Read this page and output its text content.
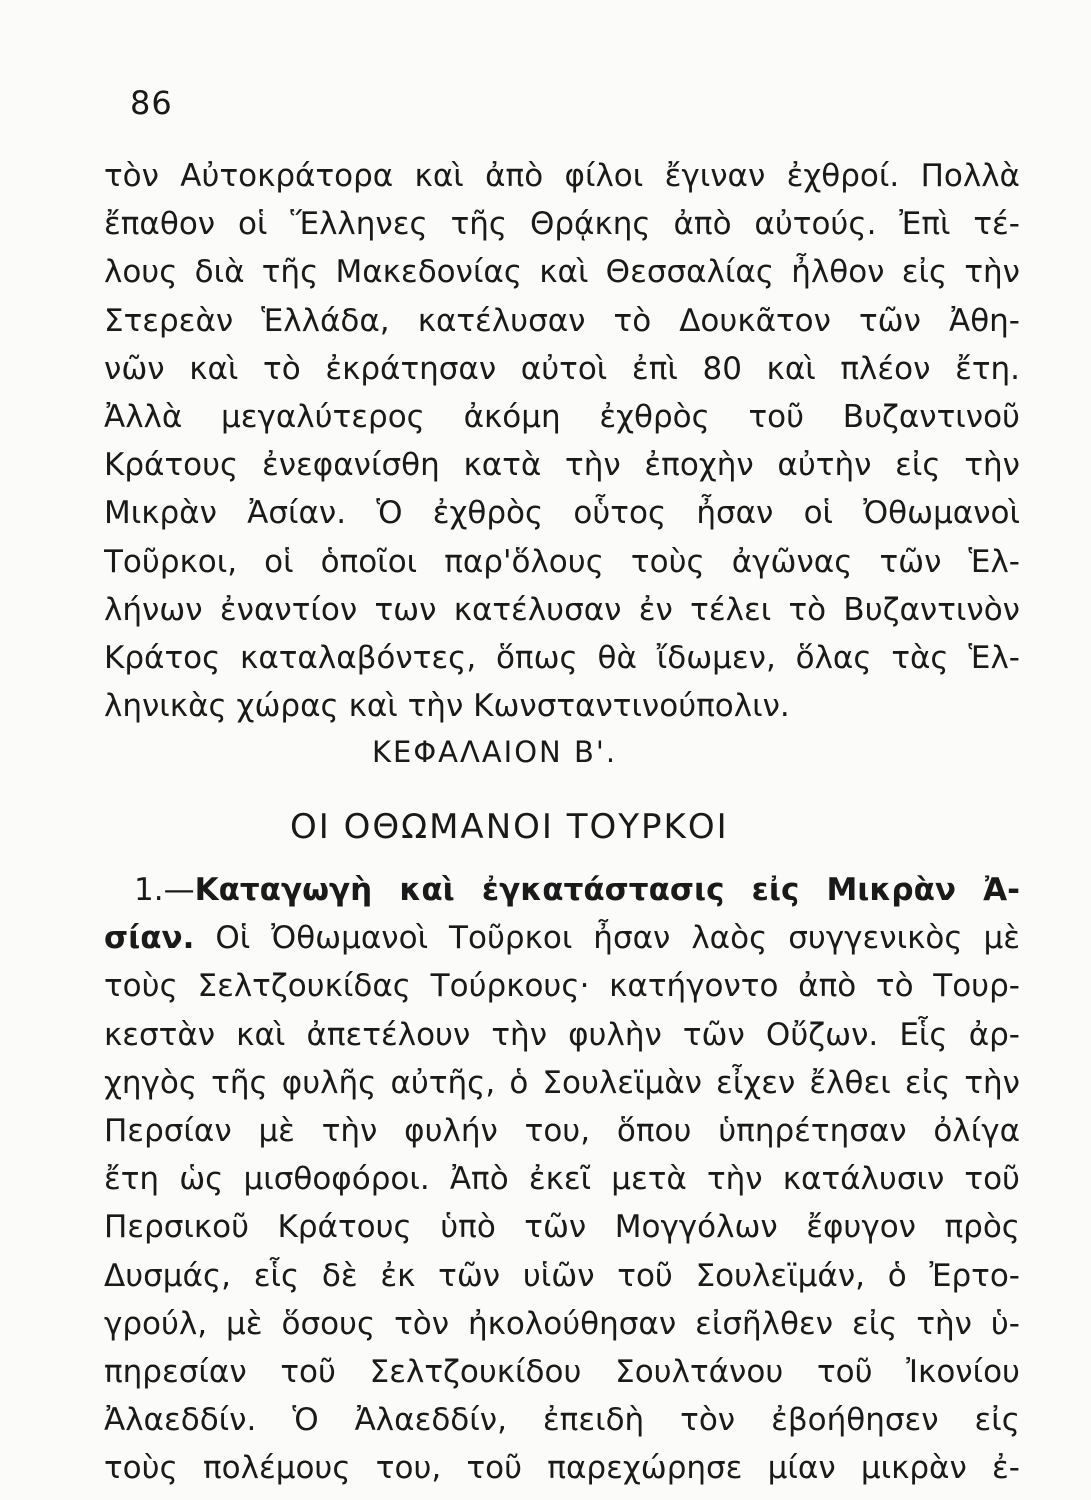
86
τὸν Αὐτοκράτορα καὶ ἀπὸ φίλοι ἔγιναν ἐχθροί. Πολλὰ
ἔπαθον οἱ Ἕλληνες τῆς Θρᾴκης ἀπὸ αὐτούς. Ἐπὶ τέ-
λους διὰ τῆς Μακεδονίας καὶ Θεσσαλίας ἦλθον εἰς τὴν
Στερεὰν Ἑλλάδα, κατέλυσαν τὸ Δουκᾶτον τῶν Ἀθη-
νῶν καὶ τὸ ἐκράτησαν αὐτοὶ ἐπὶ 80 καὶ πλέον ἔτη.
Ἀλλὰ μεγαλύτερος ἀκόμη ἐχθρὸς τοῦ Βυζαντινοῦ
Κράτους ἐνεφανίσθη κατὰ τὴν ἐποχὴν αὐτὴν εἰς τὴν
Μικρὰν Ἀσίαν. Ὁ ἐχθρὸς οὗτος ἦσαν οἱ Ὀθωμανοὶ
Τοῦρκοι, οἱ ὁποῖοι παρ'ὅλους τοὺς ἀγῶνας τῶν Ἑλ-
λήνων ἐναντίον των κατέλυσαν ἐν τέλει τὸ Βυζαντινὸν
Κράτος καταλαβόντες, ὅπως θὰ ἴδωμεν, ὅλας τὰς Ἑλ-
ληνικὰς χώρας καὶ τὴν Κωνσταντινούπολιν.
ΚΕΦΑΛΑΙΟΝ Β'.
ΟΙ ΟΘΩΜΑΝΟΙ ΤΟΥΡΚΟΙ
1.—Καταγωγὴ καὶ ἐγκατάστασις εἰς Μικρὰν Ἀ-
σίαν. Οἱ Ὀθωμανοὶ Τοῦρκοι ἦσαν λαὸς συγγενικὸς μὲ
τοὺς Σελτζουκίδας Τούρκους· κατήγοντο ἀπὸ τὸ Τουρ-
κεστὰν καὶ ἀπετέλουν τὴν φυλὴν τῶν Οὔζων. Εἷς ἀρ-
χηγὸς τῆς φυλῆς αὐτῆς, ὁ Σουλεϊμὰν εἶχεν ἔλθει εἰς τὴν
Περσίαν μὲ τὴν φυλήν του, ὅπου ὑπηρέτησαν ὀλίγα
ἔτη ὡς μισθοφόροι. Ἀπὸ ἐκεῖ μετὰ τὴν κατάλυσιν τοῦ
Περσικοῦ Κράτους ὑπὸ τῶν Μογγόλων ἔφυγον πρὸς
Δυσμάς, εἷς δὲ ἐκ τῶν υἱῶν τοῦ Σουλεϊμάν, ὁ Ἐρτο-
γρούλ, μὲ ὅσους τὸν ἠκολούθησαν εἰσῆλθεν εἰς τὴν ὑ-
πηρεσίαν τοῦ Σελτζουκίδου Σουλτάνου τοῦ Ἰκονίου
Ἀλαεδδίν. Ὁ Ἀλαεδδίν, ἐπειδὴ τὸν ἐβοήθησεν εἰς
τοὺς πολέμους του, τοῦ παρεχώρησε μίαν μικρὰν ἐ-
